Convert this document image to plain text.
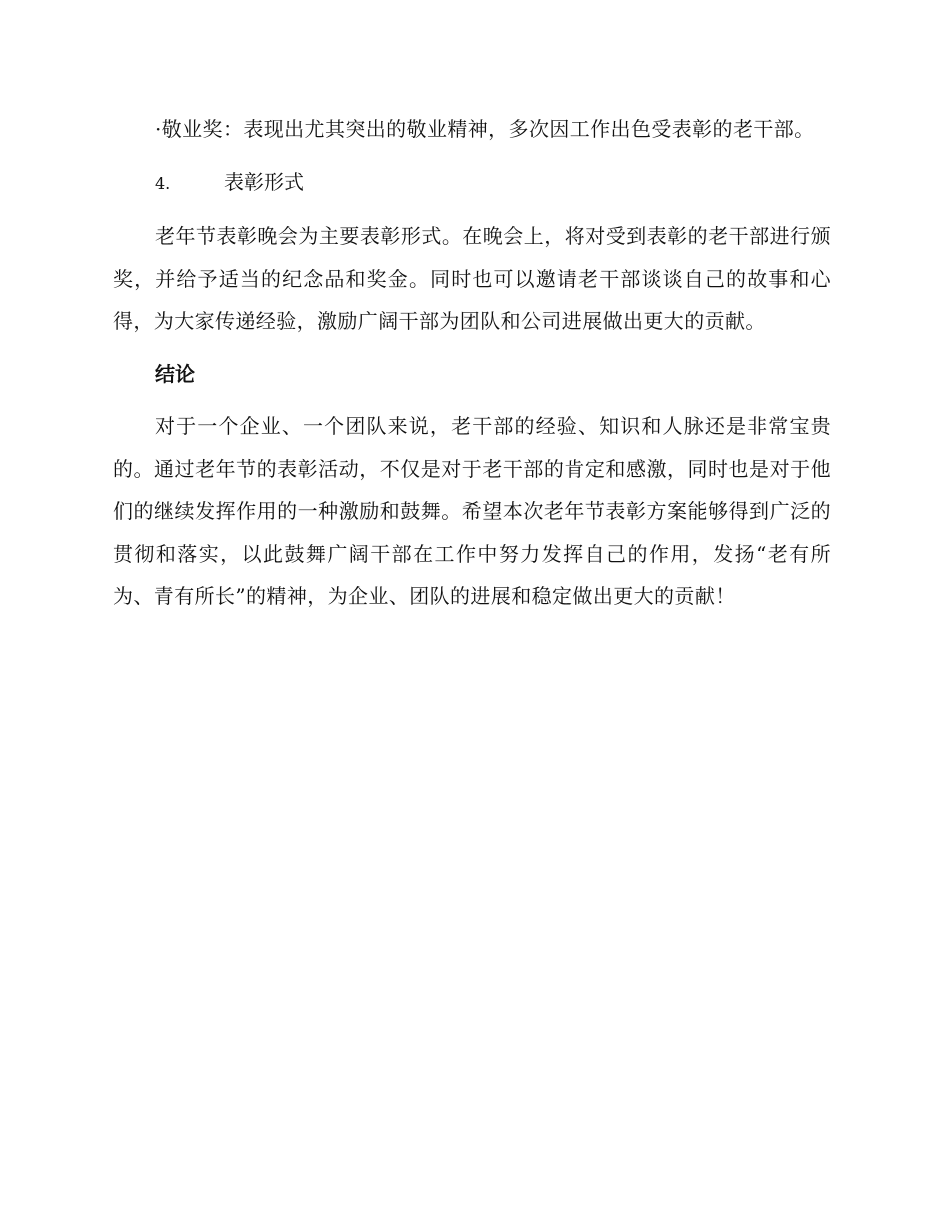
·敬业奖：表现出尤其突出的敬业精神，多次因工作出色受表彰的老干部。

4.	表彰形式

老年节表彰晚会为主要表彰形式。在晚会上，将对受到表彰的老干部进行颁奖，并给予适当的纪念品和奖金。同时也可以邀请老干部谈谈自己的故事和心得，为大家传递经验，激励广阔干部为团队和公司进展做出更大的贡献。

结论

对于一个企业、一个团队来说，老干部的经验、知识和人脉还是非常宝贵的。通过老年节的表彰活动，不仅是对于老干部的肯定和感激，同时也是对于他们的继续发挥作用的一种激励和鼓舞。希望本次老年节表彰方案能够得到广泛的贯彻和落实，以此鼓舞广阔干部在工作中努力发挥自己的作用，发扬“老有所为、青有所长”的精神，为企业、团队的进展和稳定做出更大的贡献！
